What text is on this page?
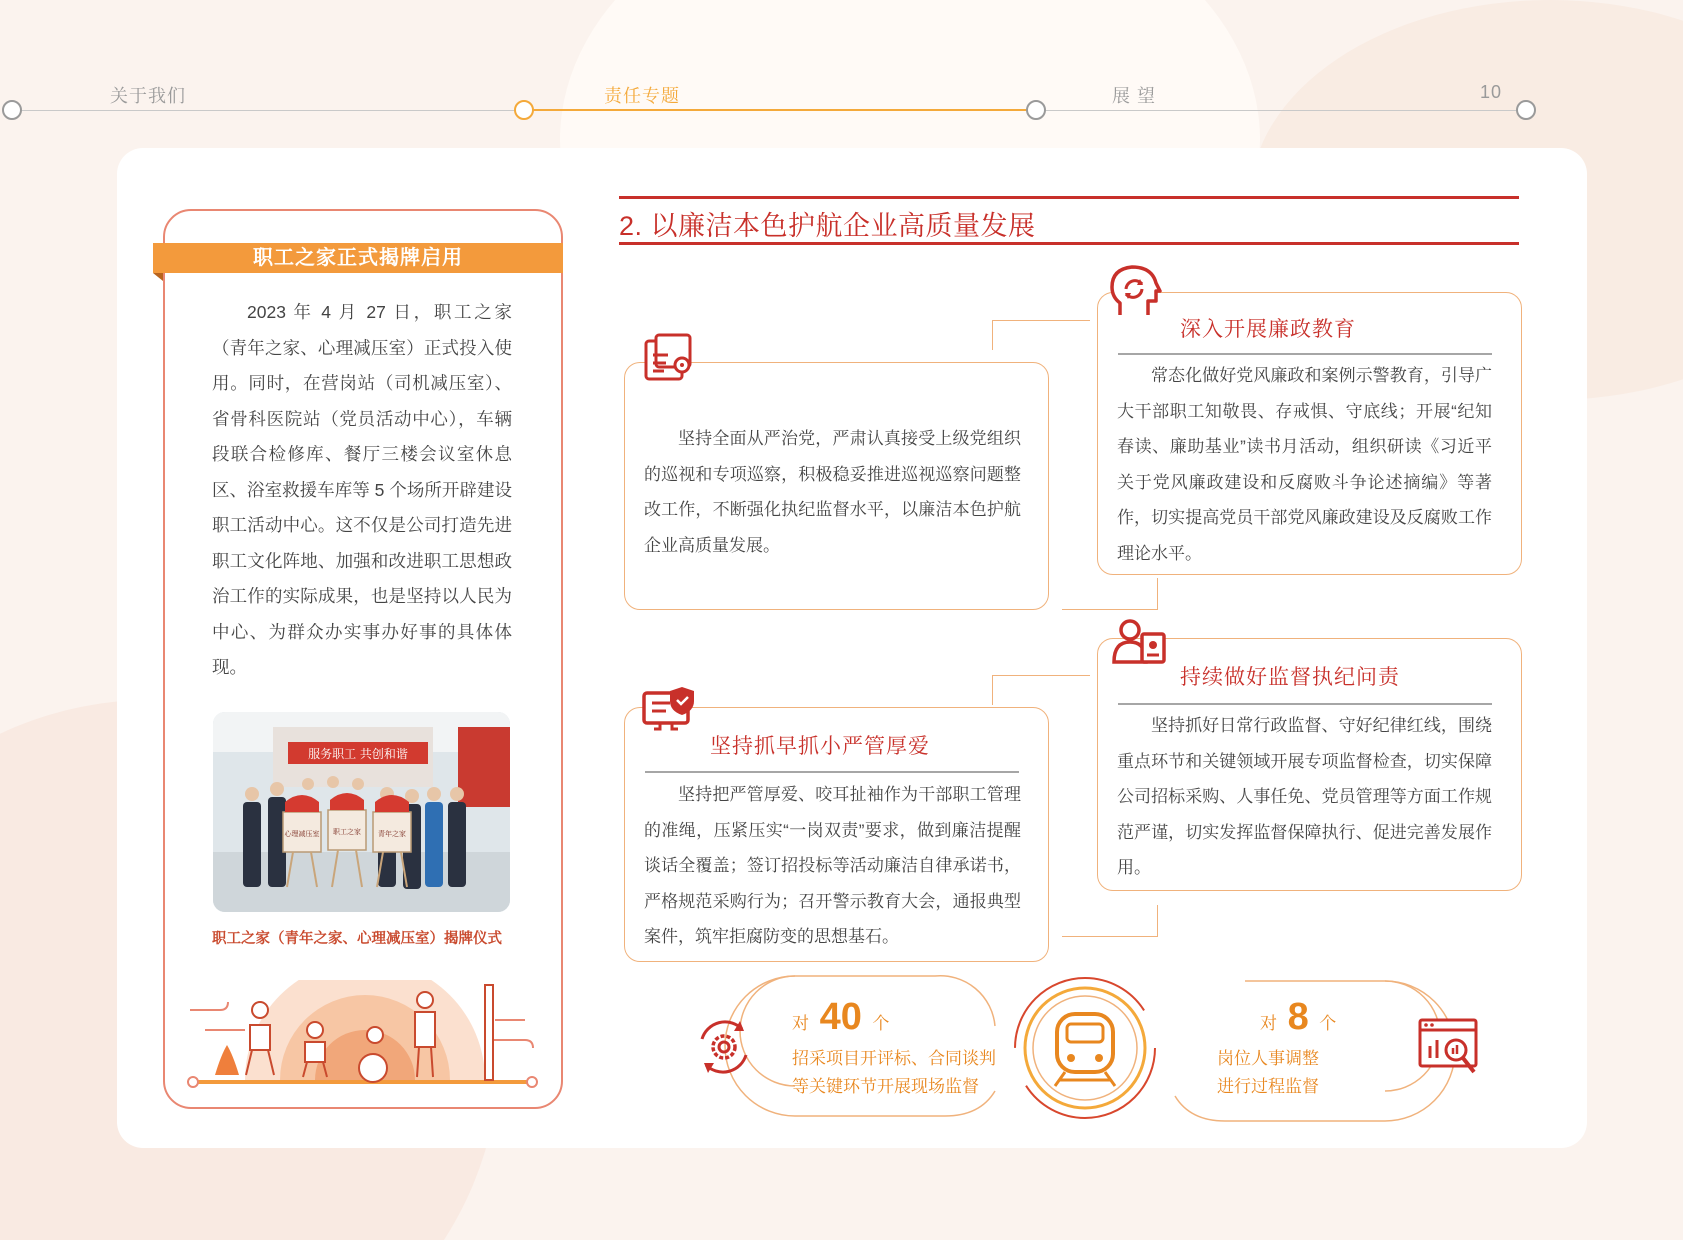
关于我们	责任专题	展 望	10
职工之家正式揭牌启用
2023 年 4 月 27 日，职工之家（青年之家、心理减压室）正式投入使用。同时，在营岗站（司机减压室）、省骨科医院站（党员活动中心），车辆段联合检修库、餐厅三楼会议室休息区、浴室救援车库等 5 个场所开辟建设职工活动中心。这不仅是公司打造先进职工文化阵地、加强和改进职工思想政治工作的实际成果，也是坚持以人民为中心、为群众办实事办好事的具体体现。
服务职工 共创和谐
心理减压室 职工之家 青年之家
职工之家（青年之家、心理减压室）揭牌仪式
2. 以廉洁本色护航企业高质量发展
坚持全面从严治党，严肃认真接受上级党组织的巡视和专项巡察，积极稳妥推进巡视巡察问题整改工作，不断强化执纪监督水平，以廉洁本色护航企业高质量发展。
深入开展廉政教育
常态化做好党风廉政和案例示警教育，引导广大干部职工知敬畏、存戒惧、守底线；开展“纪知春读、廉助基业”读书月活动，组织研读《习近平关于党风廉政建设和反腐败斗争论述摘编》等著作，切实提高党员干部党风廉政建设及反腐败工作理论水平。
坚持抓早抓小严管厚爱
坚持把严管厚爱、咬耳扯袖作为干部职工管理的准绳，压紧压实“一岗双责”要求，做到廉洁提醒谈话全覆盖；签订招投标等活动廉洁自律承诺书，严格规范采购行为；召开警示教育大会，通报典型案件，筑牢拒腐防变的思想基石。
持续做好监督执纪问责
坚持抓好日常行政监督、守好纪律红线，围绕重点环节和关键领域开展专项监督检查，切实保障公司招标采购、人事任免、党员管理等方面工作规范严谨，切实发挥监督保障执行、促进完善发展作用。
对 40 个
招采项目开评标、合同谈判
等关键环节开展现场监督
对 8 个
岗位人事调整
进行过程监督
